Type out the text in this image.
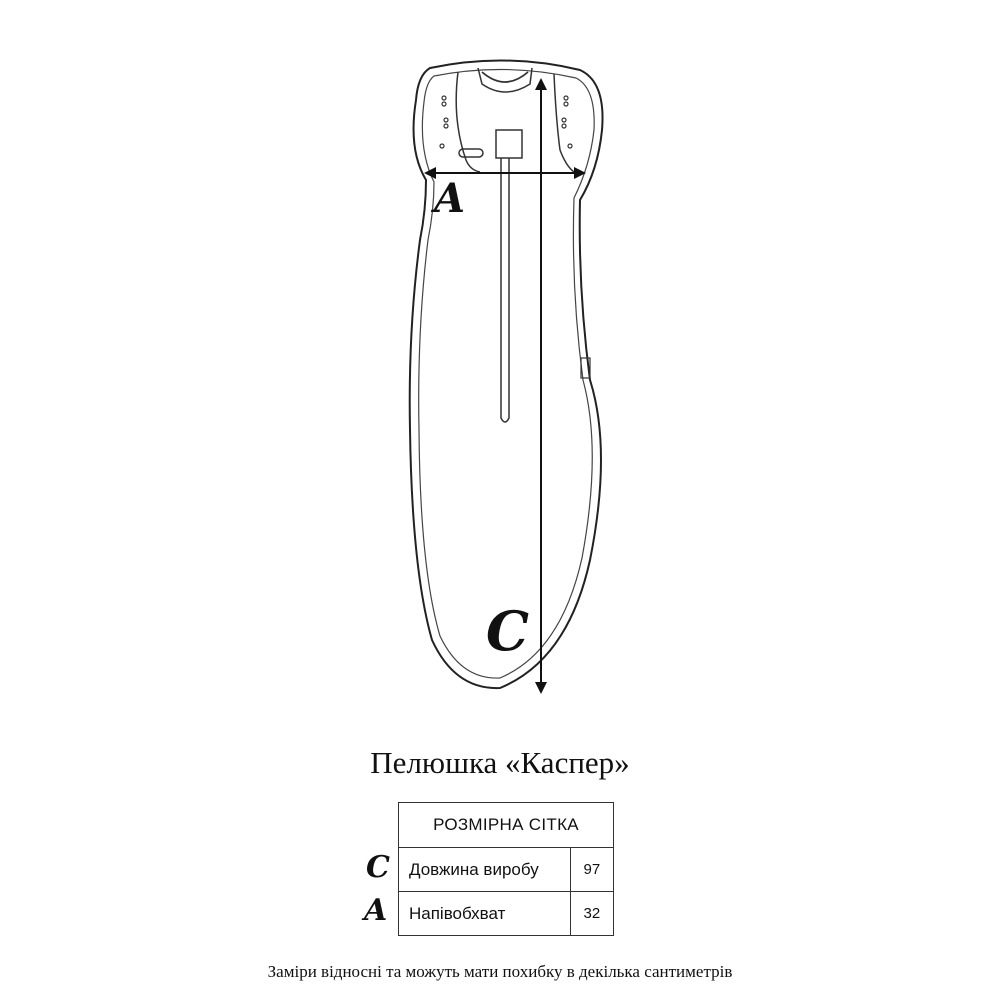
A
C
Пелюшка «Каспер»
C
A
РОЗМІРНА СІТКА	
Довжина виробу	97
Напівобхват	32
Заміри відносні та можуть мати похибку в декілька сантиметрів
